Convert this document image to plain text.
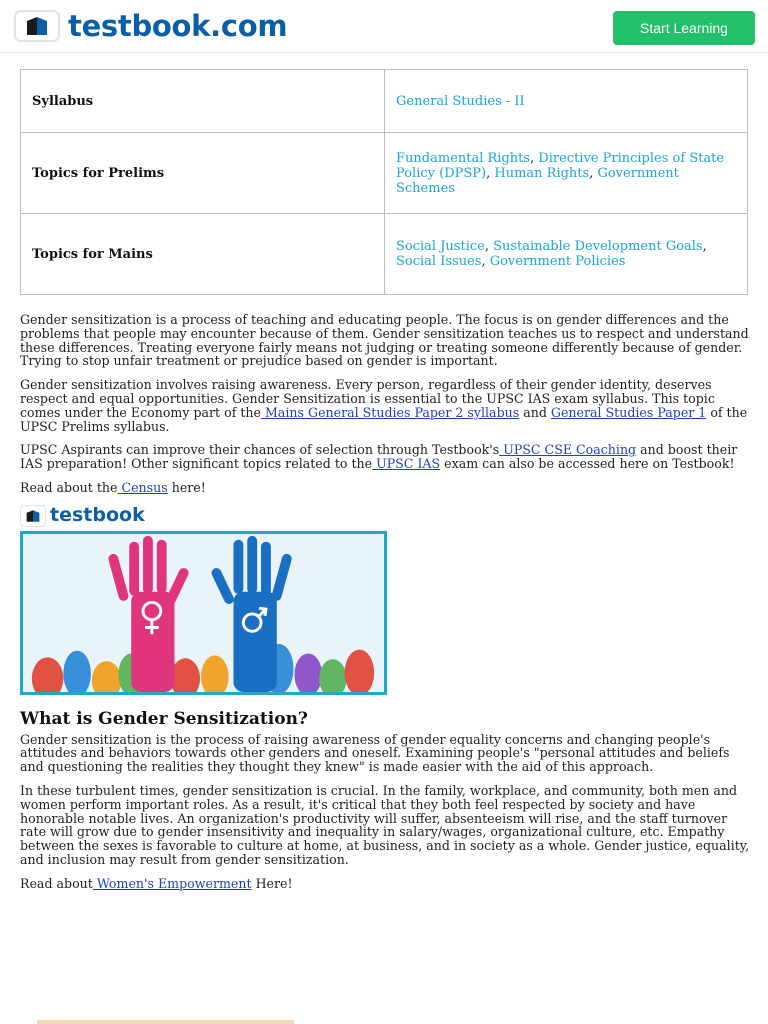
testbook.com	Start Learning
Syllabus	General Studies - II
Topics for Prelims	Fundamental Rights, Directive Principles of State Policy (DPSP), Human Rights, Government Schemes
Topics for Mains	Social Justice, Sustainable Development Goals, Social Issues, Government Policies

Gender sensitization is a process of teaching and educating people. The focus is on gender differences and the problems that people may encounter because of them. Gender sensitization teaches us to respect and understand these differences. Treating everyone fairly means not judging or treating someone differently because of gender. Trying to stop unfair treatment or prejudice based on gender is important.

Gender sensitization involves raising awareness. Every person, regardless of their gender identity, deserves respect and equal opportunities. Gender Sensitization is essential to the UPSC IAS exam syllabus. This topic comes under the Economy part of the Mains General Studies Paper 2 syllabus and General Studies Paper 1 of the UPSC Prelims syllabus.

UPSC Aspirants can improve their chances of selection through Testbook's UPSC CSE Coaching and boost their IAS preparation! Other significant topics related to the UPSC IAS exam can also be accessed here on Testbook!

Read about the Census here!

testbook
What is Gender Sensitization?

Gender sensitization is the process of raising awareness of gender equality concerns and changing people's attitudes and behaviors towards other genders and oneself. Examining people's "personal attitudes and beliefs and questioning the realities they thought they knew" is made easier with the aid of this approach.

In these turbulent times, gender sensitization is crucial. In the family, workplace, and community, both men and women perform important roles. As a result, it's critical that they both feel respected by society and have honorable notable lives. An organization's productivity will suffer, absenteeism will rise, and the staff turnover rate will grow due to gender insensitivity and inequality in salary/wages, organizational culture, etc. Empathy between the sexes is favorable to culture at home, at business, and in society as a whole. Gender justice, equality, and inclusion may result from gender sensitization.

Read about Women's Empowerment Here!
